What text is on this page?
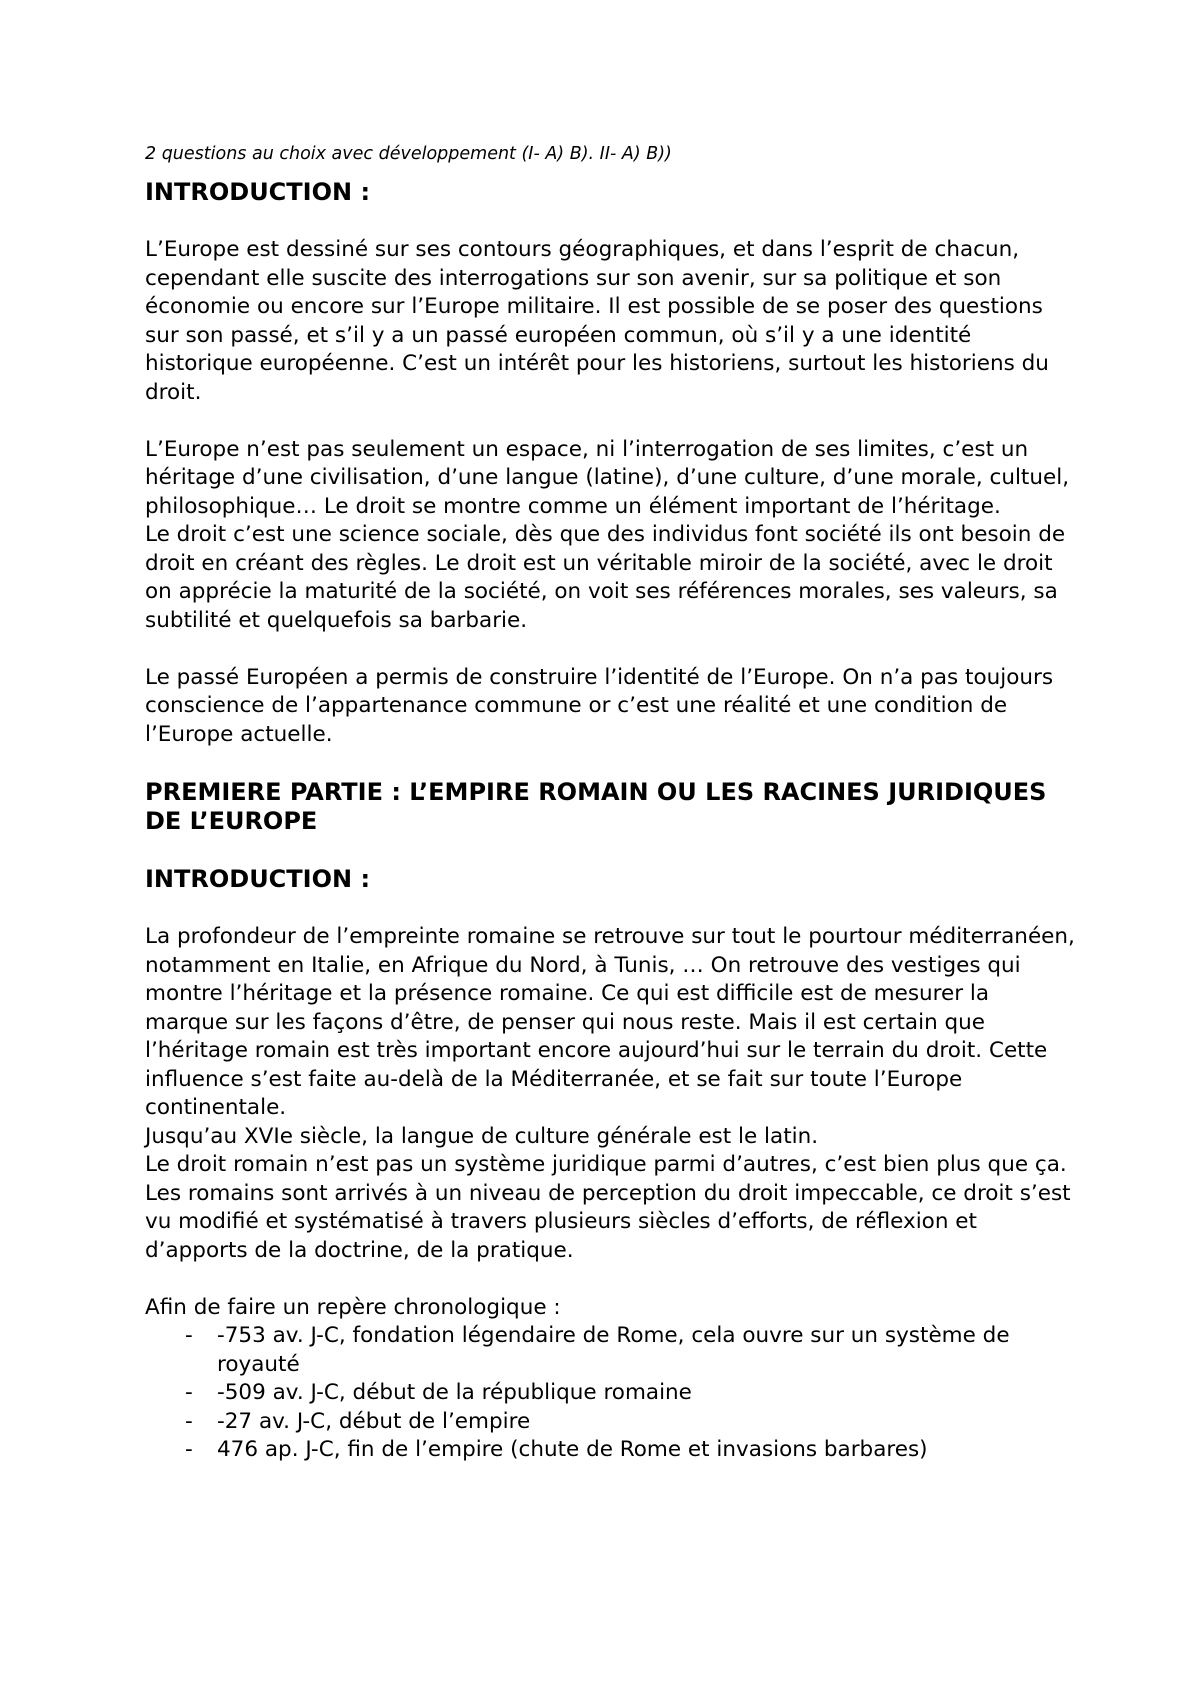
2 questions au choix avec développement (I- A) B). II- A) B))
INTRODUCTION :

L’Europe est dessiné sur ses contours géographiques, et dans l’esprit de chacun, cependant elle suscite des interrogations sur son avenir, sur sa politique et son économie ou encore sur l’Europe militaire. Il est possible de se poser des questions sur son passé, et s’il y a un passé européen commun, où s’il y a une identité historique européenne. C’est un intérêt pour les historiens, surtout les historiens du droit.

L’Europe n’est pas seulement un espace, ni l’interrogation de ses limites, c’est un héritage d’une civilisation, d’une langue (latine), d’une culture, d’une morale, cultuel, philosophique… Le droit se montre comme un élément important de l’héritage.

Le droit c’est une science sociale, dès que des individus font société ils ont besoin de droit en créant des règles. Le droit est un véritable miroir de la société, avec le droit on apprécie la maturité de la société, on voit ses références morales, ses valeurs, sa subtilité et quelquefois sa barbarie.

Le passé Européen a permis de construire l’identité de l’Europe. On n’a pas toujours conscience de l’appartenance commune or c’est une réalité et une condition de l’Europe actuelle.

PREMIERE PARTIE : L’EMPIRE ROMAIN OU LES RACINES JURIDIQUES DE L’EUROPE
INTRODUCTION :

La profondeur de l’empreinte romaine se retrouve sur tout le pourtour méditerranéen, notamment en Italie, en Afrique du Nord, à Tunis, … On retrouve des vestiges qui montre l’héritage et la présence romaine. Ce qui est difficile est de mesurer la marque sur les façons d’être, de penser qui nous reste. Mais il est certain que l’héritage romain est très important encore aujourd’hui sur le terrain du droit. Cette influence s’est faite au-delà de la Méditerranée, et se fait sur toute l’Europe continentale.

Jusqu’au XVIe siècle, la langue de culture générale est le latin.

Le droit romain n’est pas un système juridique parmi d’autres, c’est bien plus que ça. Les romains sont arrivés à un niveau de perception du droit impeccable, ce droit s’est vu modifié et systématisé à travers plusieurs siècles d’efforts, de réflexion et d’apports de la doctrine, de la pratique.

Afin de faire un repère chronologique :

- -753 av. J-C, fondation légendaire de Rome, cela ouvre sur un système de royauté
- -509 av. J-C, début de la république romaine
- -27 av. J-C, début de l’empire
- 476 ap. J-C, fin de l’empire (chute de Rome et invasions barbares)
